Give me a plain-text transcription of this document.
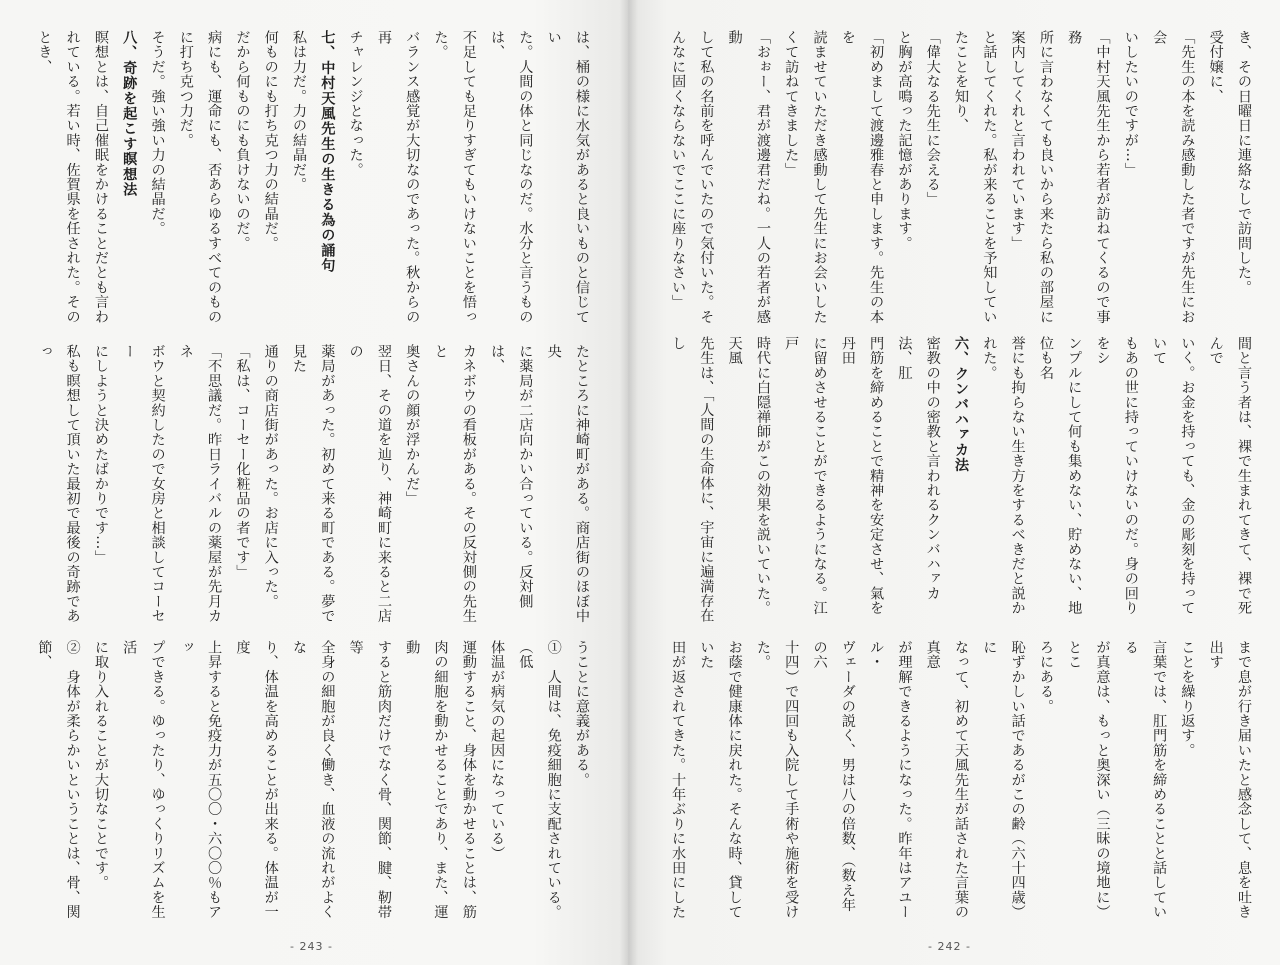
は、桶の様に水気があると良いものと信じてい

た。人間の体と同じなのだ。水分と言うものは、

不足しても足りすぎてもいけないことを悟った。

バランス感覚が大切なのであった。秋からの再

チャレンジとなった。

七、中村天風先生の生きる為の誦句

私は力だ。力の結晶だ。

何ものにも打ち克つ力の結晶だ。

だから何ものにも負けないのだ。

病にも、運命にも、否あらゆるすべてのもの

に打ち克つ力だ。

そうだ。強い強い力の結晶だ。

八、奇跡を起こす瞑想法

瞑想とは、自己催眠をかけることだとも言わ

れている。若い時、佐賀県を任された。そのとき、

たところに神崎町がある。商店街のほぼ中央

に薬局が二店向かい合っている。反対側は、

カネボウの看板がある。その反対側の先生と

奥さんの顔が浮かんだ」

翌日、その道を辿り、神崎町に来ると二店の

薬局があった。初めて来る町である。夢で見た

通りの商店街があった。お店に入った。

「私は、コーセー化粧品の者です」

「不思議だ。昨日ライバルの薬屋が先月カネ

ボウと契約したので女房と相談してコーセー

にしようと決めたばかりです…」

私も瞑想して頂いた最初で最後の奇跡であっ

うことに意義がある。

①　人間は、免疫細胞に支配されている。（低

体温が病気の起因になっている）

運動すること、身体を動かせることは、筋

肉の細胞を動かせることであり、また、運動

すると筋肉だけでなく骨、関節、腱、靭帯等

全身の細胞が良く働き、血液の流れがよくな

り、体温を高めることが出来る。体温が一度

上昇すると免疫力が五〇〇・六〇〇％もアッ

プできる。ゆったり、ゆっくりリズムを生活

に取り入れることが大切なことです。

②　身体が柔らかいということは、骨、関節、

- 243 -

き、その日曜日に連絡なしで訪問した。

受付嬢に、

「先生の本を読み感動した者ですが先生にお会

いしたいのですが…」

「中村天風先生から若者が訪ねてくるので事務

所に言わなくても良いから来たら私の部屋に

案内してくれと言われています」

と話してくれた。私が来ることを予知してい

たことを知り、

「偉大なる先生に会える」

と胸が高鳴った記憶があります。

「初めまして渡邊雅春と申します。先生の本を

読ませていただき感動して先生にお会いした

くて訪ねてきました」

「おぉー、君が渡邊君だね。一人の若者が感動

して私の名前を呼んでいたので気付いた。そ

んなに固くならないでここに座りなさい」

間と言う者は、裸で生まれてきて、裸で死んで

いく。お金を持っても、金の彫刻を持っていて

もあの世に持っていけないのだ。身の回りをシ

ンプルにして何も集めない、貯めない、地位も名

誉にも拘らない生き方をするべきだと説かれた。

六、クンバハァカ法

密教の中の密教と言われるクンバハァカ法、肛

門筋を締めることで精神を安定させ、氣を丹田

に留めさせることができるようになる。江戸

時代に白隠禅師がこの効果を説いていた。天風

先生は、「人間の生命体に、宇宙に遍満存在し

まで息が行き届いたと感念して、息を吐き出す

ことを繰り返す。

言葉では、肛門筋を締めることと話している

が真意は、もっと奥深い（三昧の境地に）とこ

ろにある。

恥ずかしい話であるがこの齢（六十四歳）に

なって、初めて天風先生が話された言葉の真意

が理解できるようになった。昨年はアユール・

ヴェーダの説く、男は八の倍数、（数え年の六

十四）で四回も入院して手術や施術を受けた。

お蔭で健康体に戻れた。そんな時、貸していた

田が返されてきた。十年ぶりに水田にした

- 242 -
